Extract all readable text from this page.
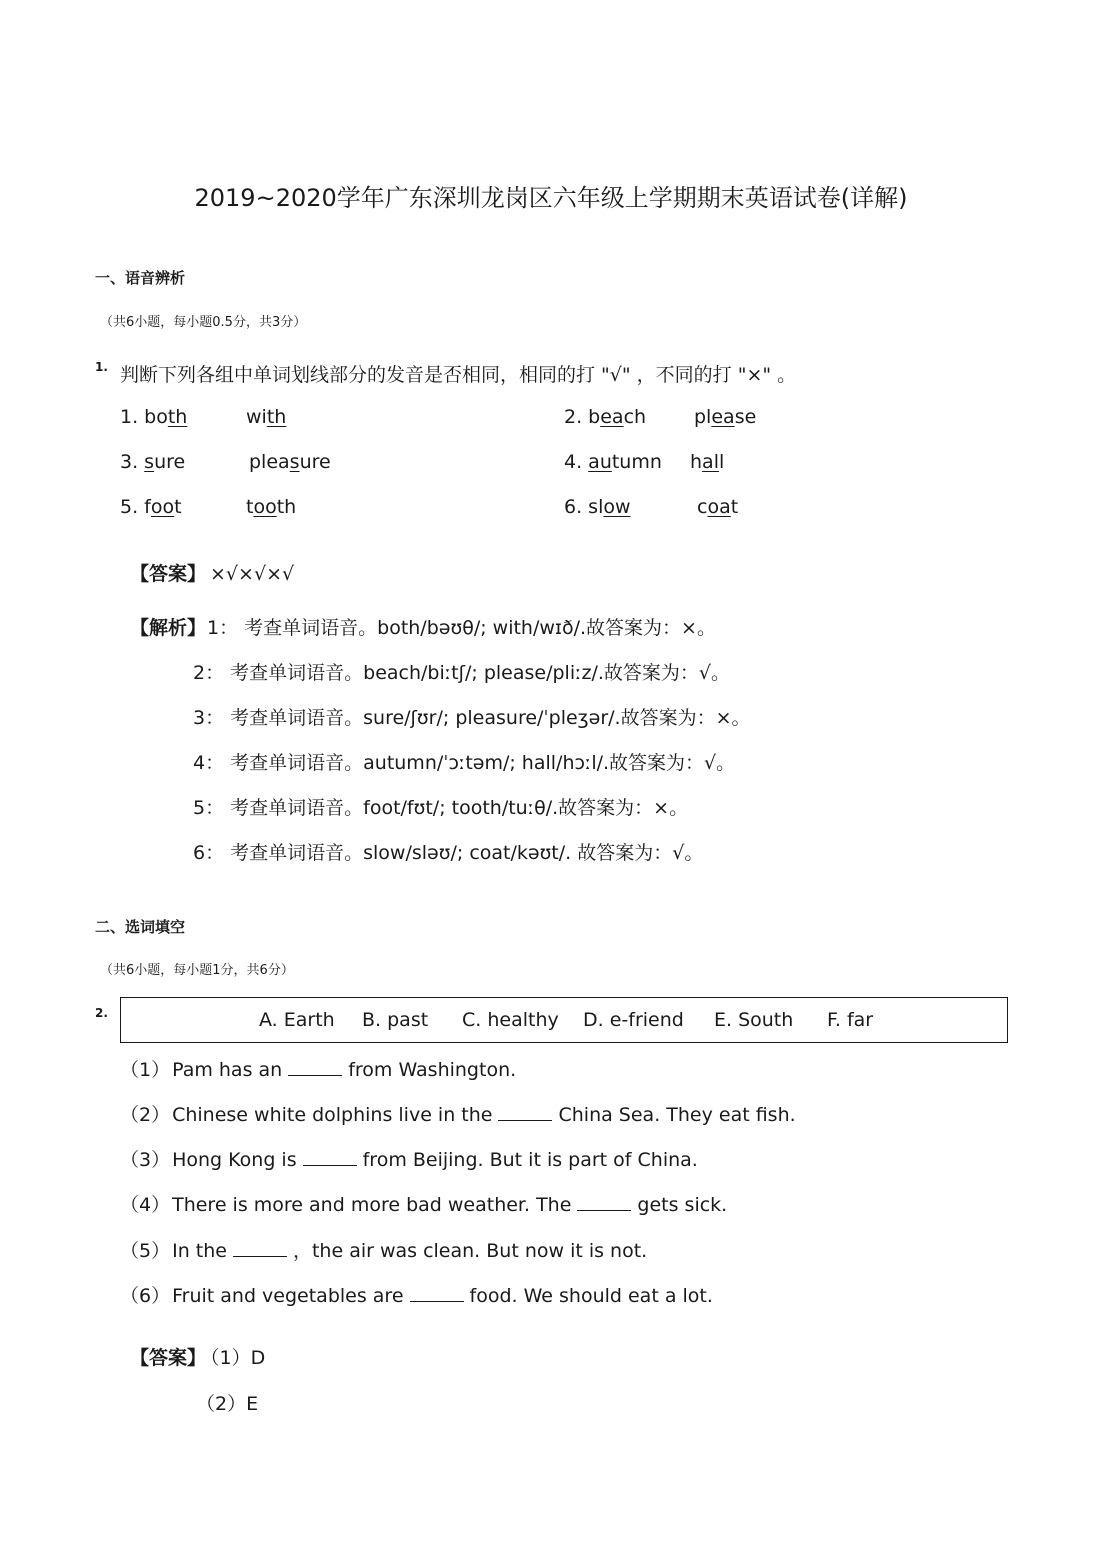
2019~2020学年广东深圳龙岗区六年级上学期期末英语试卷(详解)
一、语音辨析
（共6小题，每小题0.5分，共3分）
1. 判断下列各组中单词划线部分的发音是否相同，相同的打 "√" ，不同的打 "×" 。
1. both	with	2. beach	please
3. sure	pleasure	4. autumn hall
5. foot	tooth	6. slow	coat
【答案】 ×√×√×√
【解析】 1： 考查单词语音。both/bəʊθ/; with/wɪð/.故答案为：×。
2： 考查单词语音。beach/biːtʃ/; please/pliːz/.故答案为：√。
3： 考查单词语音。sure/ʃʊr/; pleasure/ˈpleʒər/.故答案为：×。
4： 考查单词语音。autumn/ˈɔːtəm/; hall/hɔːl/.故答案为：√。
5： 考查单词语音。foot/fʊt/; tooth/tuːθ/.故答案为：×。
6： 考查单词语音。slow/sləʊ/; coat/kəʊt/. 故答案为：√。
二、选词填空
（共6小题，每小题1分，共6分）
2.	A. Earth B. past C. healthy D. e-friend E. South F. far
（1） Pam has an	from Washington.
（2） Chinese white dolphins live in the	China Sea. They eat fish.
（3） Hong Kong is	from Beijing. But it is part of China.
（4） There is more and more bad weather. The	gets sick.
（5） In the	，the air was clean. But now it is not.
（6） Fruit and vegetables are	food. We should eat a lot.
【答案】 （1）D
（2）E
